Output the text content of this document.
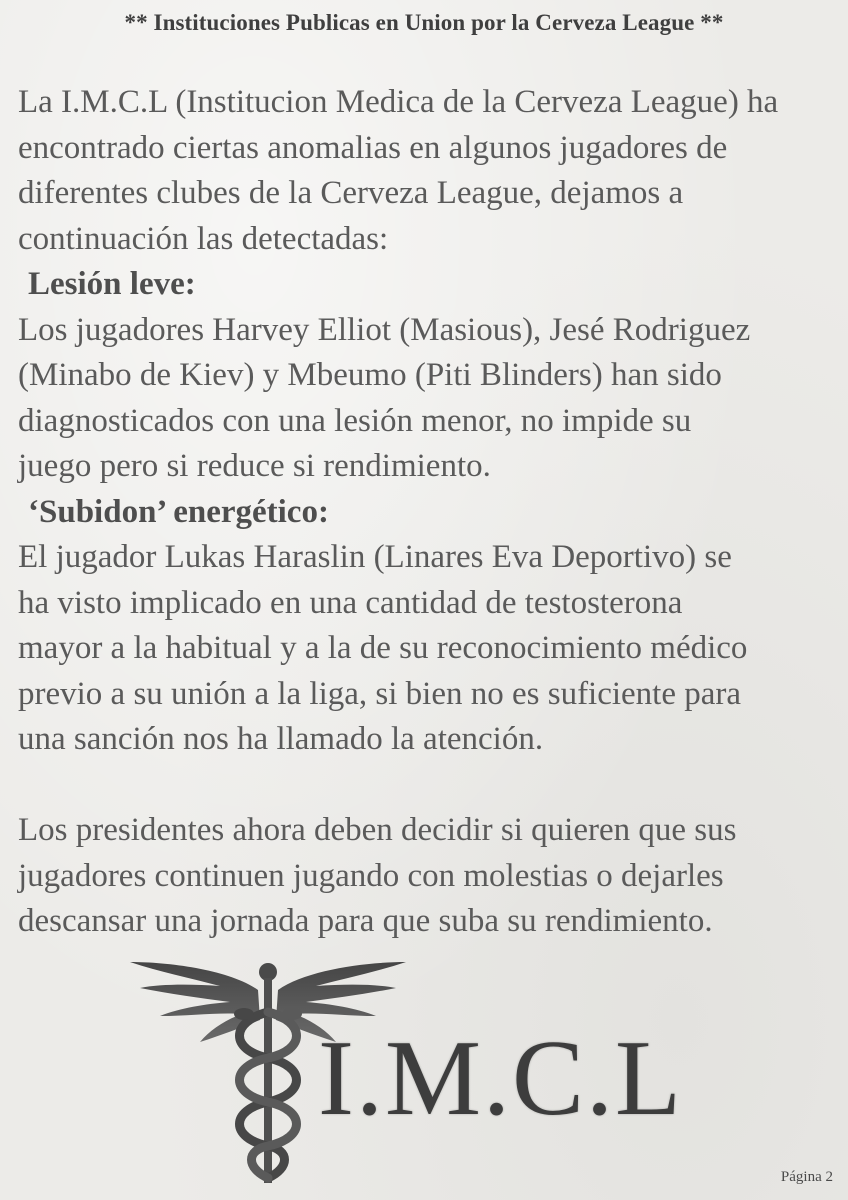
** Instituciones Publicas en Union por la Cerveza League **

La I.M.C.L (Institucion Medica de la Cerveza League) ha

encontrado ciertas anomalias en algunos jugadores de

diferentes clubes de la Cerveza League, dejamos a

continuación las detectadas:

Lesión leve:

Los jugadores Harvey Elliot (Masious), Jesé Rodriguez

(Minabo de Kiev) y Mbeumo (Piti Blinders) han sido

diagnosticados con una lesión menor, no impide su

juego pero si reduce si rendimiento.

‘Subidon’ energético:

El jugador Lukas Haraslin (Linares Eva Deportivo) se

ha visto implicado en una cantidad de testosterona

mayor a la habitual y a la de su reconocimiento médico

previo a su unión a la liga, si bien no es suficiente para

una sanción nos ha llamado la atención.

Los presidentes ahora deben decidir si quieren que sus

jugadores continuen jugando con molestias o dejarles

descansar una jornada para que suba su rendimiento.

I.M.C.L
Página 2
